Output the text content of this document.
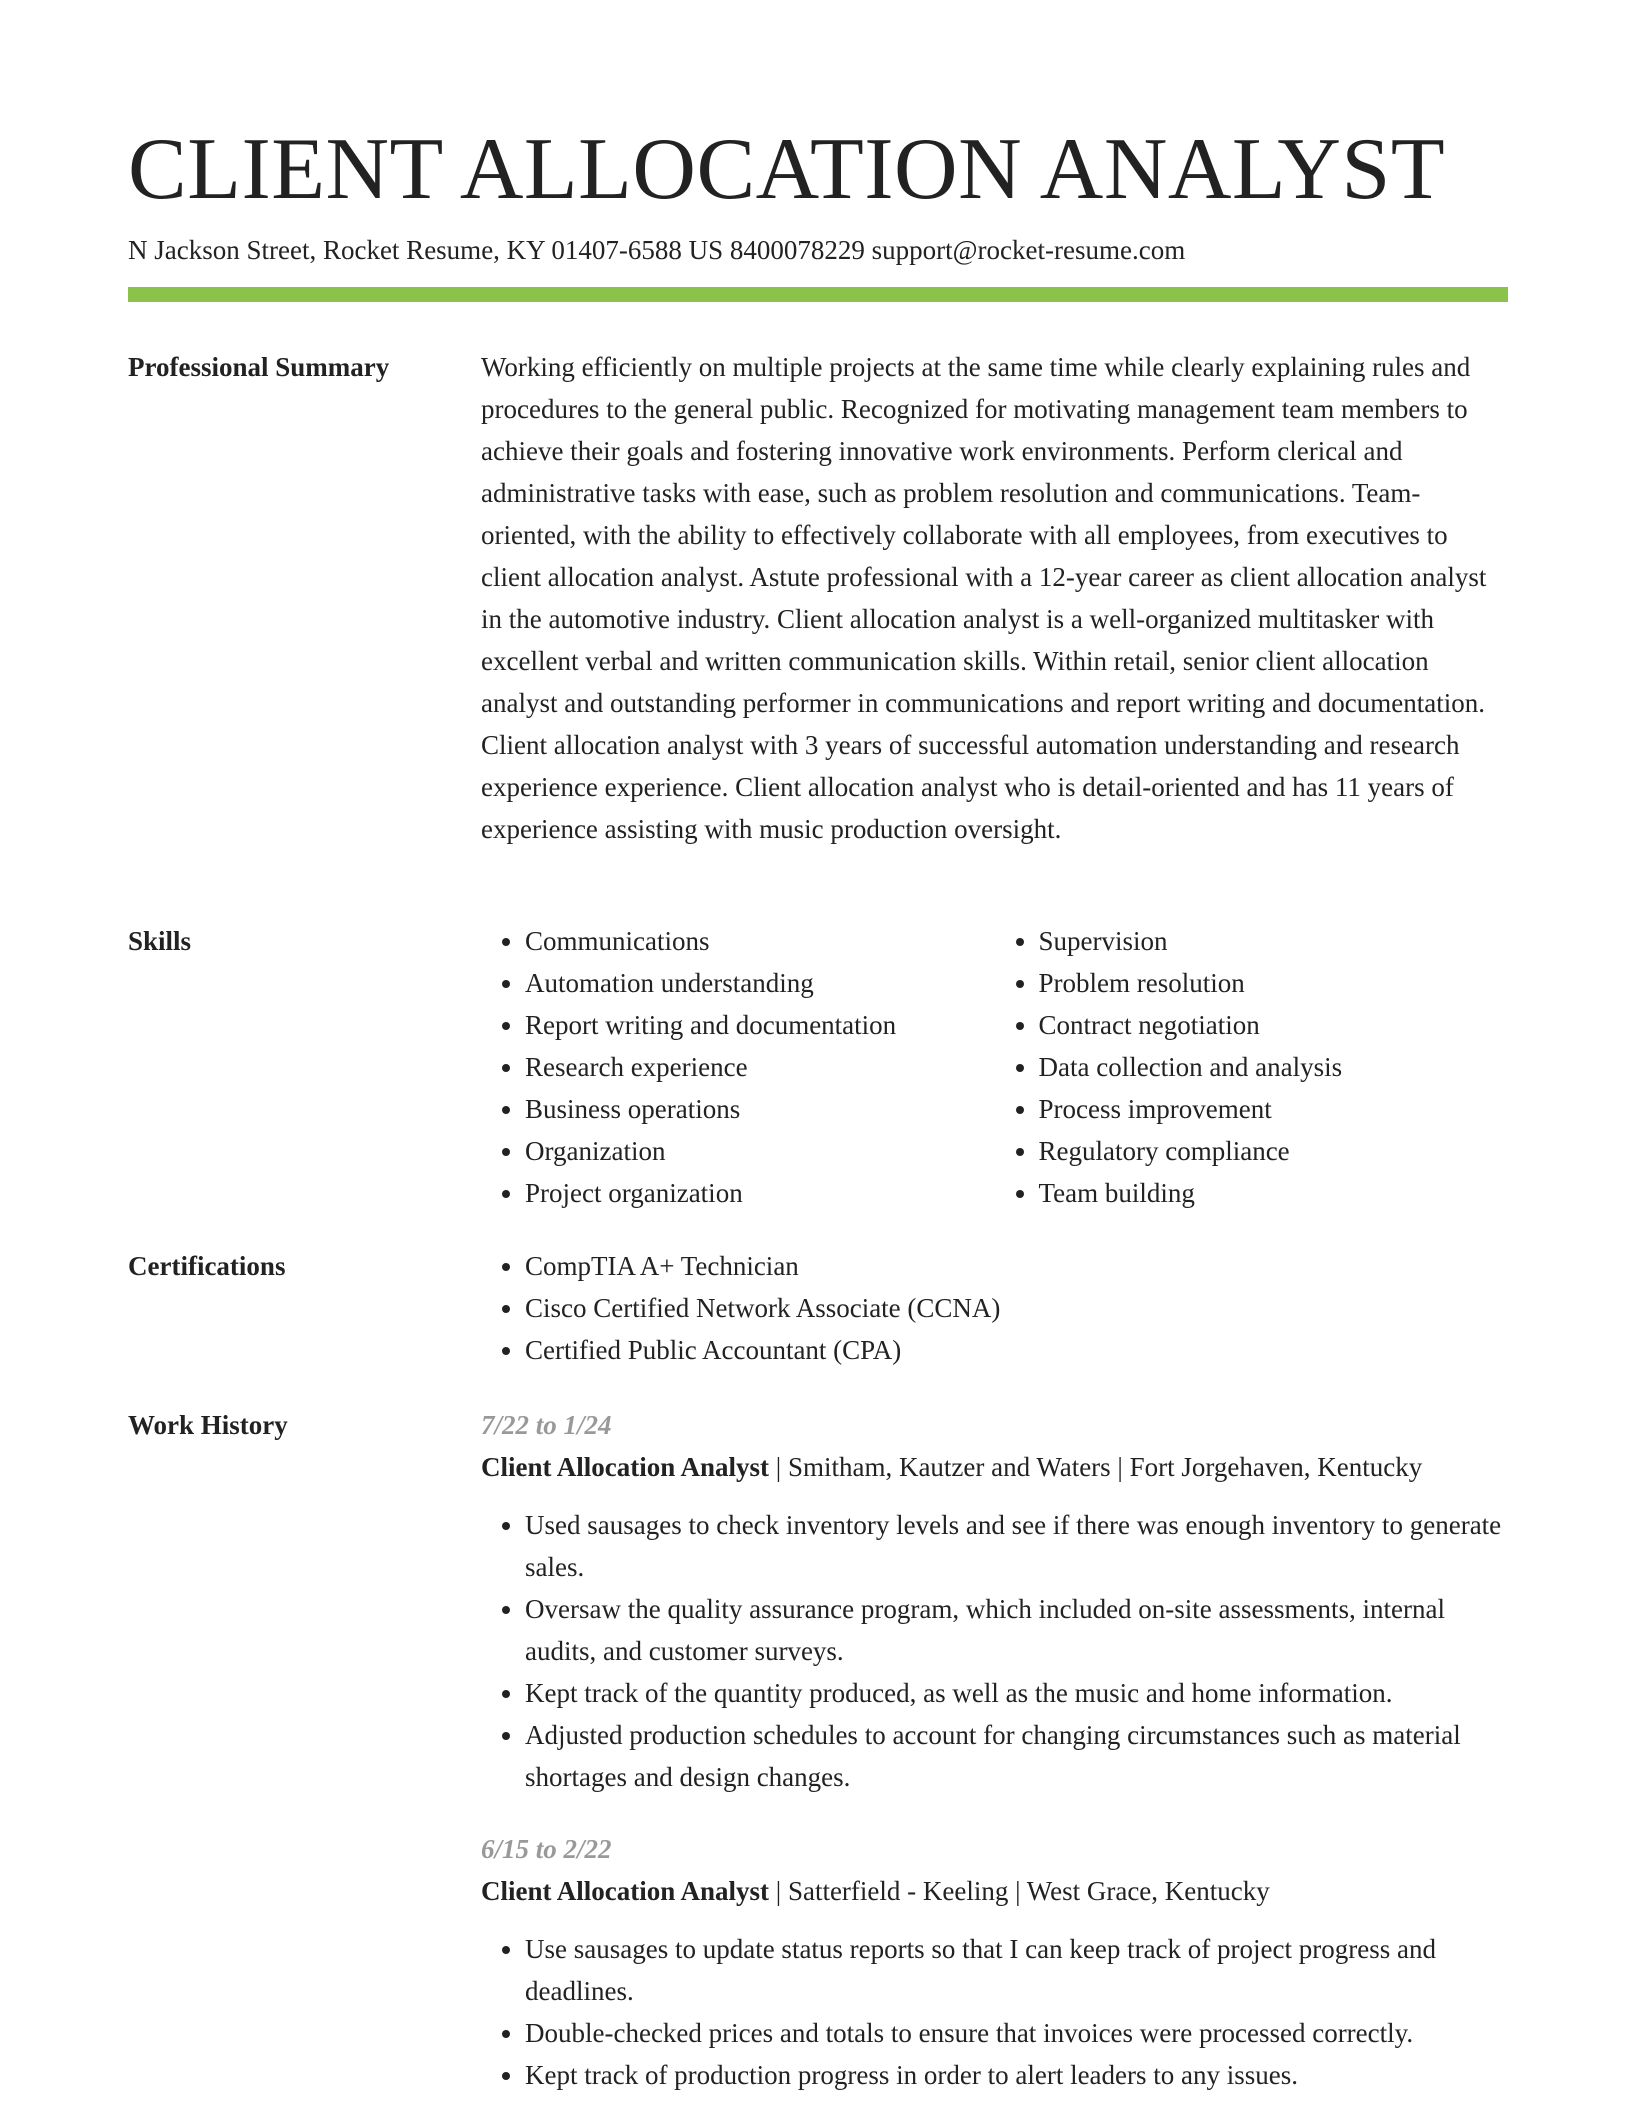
CLIENT ALLOCATION ANALYST
N Jackson Street, Rocket Resume, KY 01407-6588 US 8400078229 support@rocket-resume.com
Professional Summary	Working efficiently on multiple projects at the same time while clearly explaining rules and procedures to the general public. Recognized for motivating management team members to achieve their goals and fostering innovative work environments. Perform clerical and administrative tasks with ease, such as problem resolution and communications. Team-oriented, with the ability to effectively collaborate with all employees, from executives to client allocation analyst. Astute professional with a 12-year career as client allocation analyst in the automotive industry. Client allocation analyst is a well-organized multitasker with excellent verbal and written communication skills. Within retail, senior client allocation analyst and outstanding performer in communications and report writing and documentation. Client allocation analyst with 3 years of successful automation understanding and research experience experience. Client allocation analyst who is detail-oriented and has 11 years of experience assisting with music production oversight.

Skills	• Communications
• Automation understanding
• Report writing and documentation
• Research experience
• Business operations
• Organization
• Project organization
• Supervision
• Problem resolution
• Contract negotiation
• Data collection and analysis
• Process improvement
• Regulatory compliance
• Team building
Certifications	• CompTIA A+ Technician
• Cisco Certified Network Associate (CCNA)
• Certified Public Accountant (CPA)
Work History	7/22 to 1/24
Client Allocation Analyst | Smitham, Kautzer and Waters | Fort Jorgehaven, Kentucky
• Used sausages to check inventory levels and see if there was enough inventory to generate sales.
• Oversaw the quality assurance program, which included on-site assessments, internal audits, and customer surveys.
• Kept track of the quantity produced, as well as the music and home information.
• Adjusted production schedules to account for changing circumstances such as material shortages and design changes.
6/15 to 2/22
Client Allocation Analyst | Satterfield - Keeling | West Grace, Kentucky
• Use sausages to update status reports so that I can keep track of project progress and deadlines.
• Double-checked prices and totals to ensure that invoices were processed correctly.
• Kept track of production progress in order to alert leaders to any issues.
